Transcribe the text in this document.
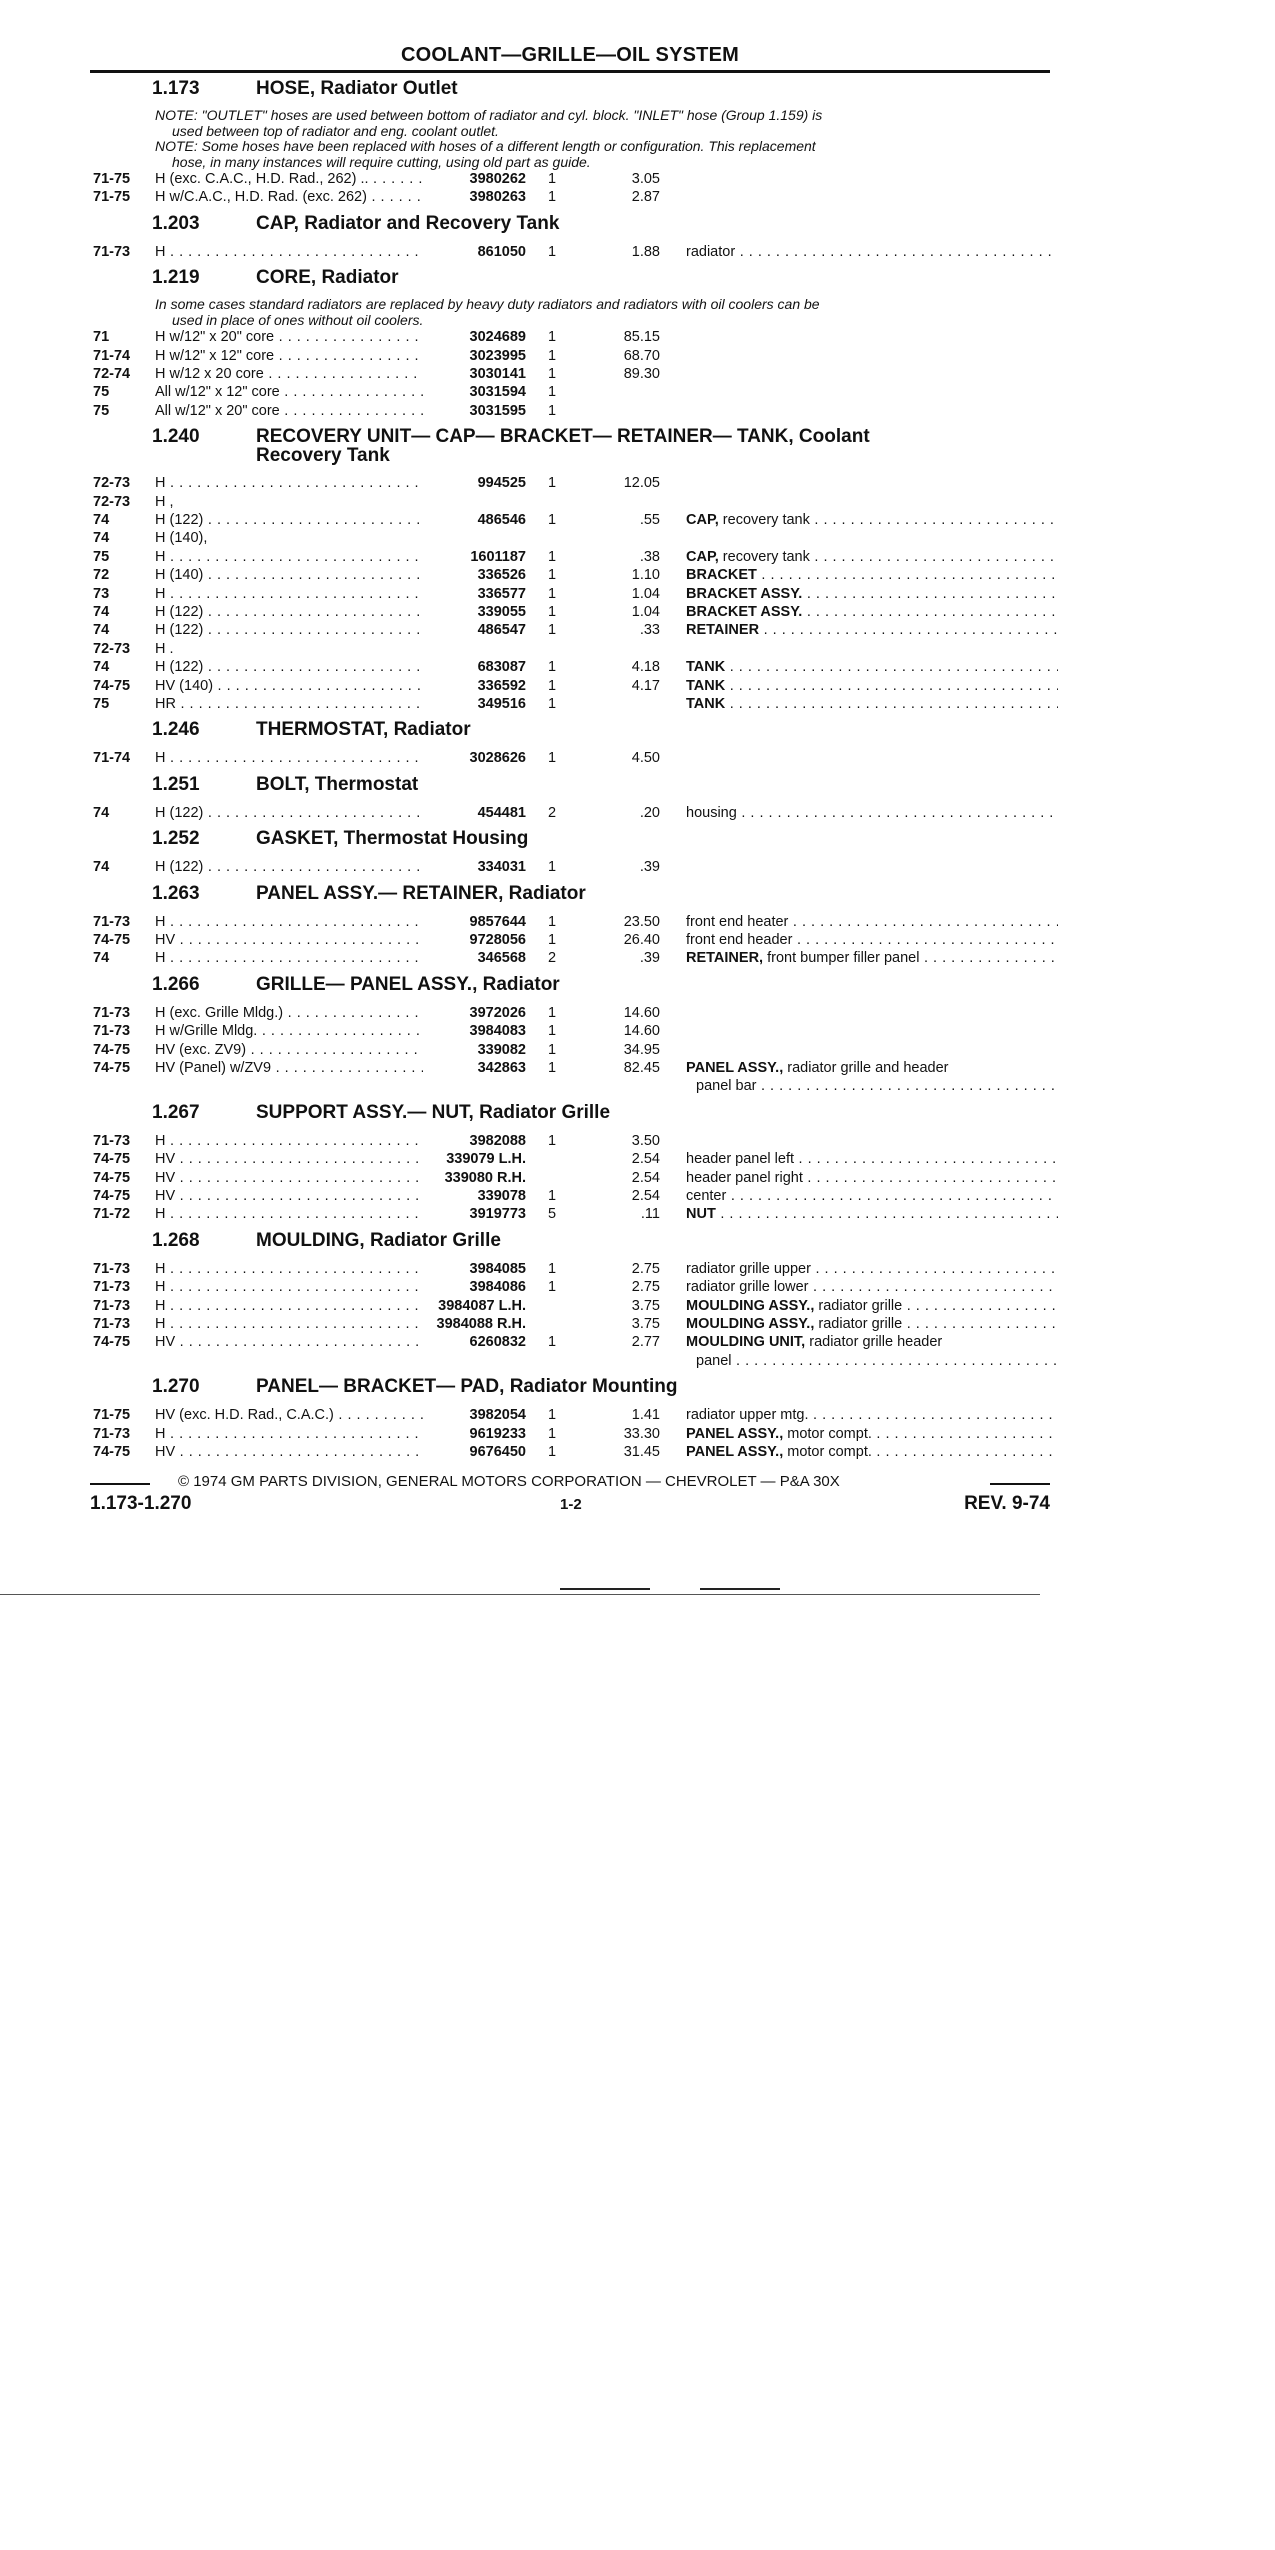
COOLANT—GRILLE—OIL SYSTEM
1.173	HOSE, Radiator Outlet
NOTE: "OUTLET" hoses are used between bottom of radiator and cyl. block. "INLET" hose (Group 1.159) is
used between top of radiator and eng. coolant outlet.
NOTE: Some hoses have been replaced with hoses of a different length or configuration. This replacement
hose, in many instances will require cutting, using old part as guide.
71-75 H (exc. C.A.C., H.D. Rad., 262) .. . . .	3980262 1	3.05
71-75 H w/C.A.C., H.D. Rad. (exc. 262) . . .	3980263 1	2.87
1.203	CAP, Radiator and Recovery Tank
71-73 H . . .	861050 1	1.88 radiator . . .
1.219	CORE, Radiator
In some cases standard radiators are replaced by heavy duty radiators and radiators with oil coolers can be
used in place of ones without oil coolers.
71	H w/12" x 20" core . . .	3024689 1	85.15
71-74 H w/12" x 12" core . . .	3023995 1	68.70
72-74 H w/12 x 20 core . . .	3030141 1	89.30
75	All w/12" x 12" core . . .	3031594 1
75	All w/12" x 20" core . . .	3031595 1
1.240	RECOVERY UNIT— CAP— BRACKET— RETAINER— TANK, Coolant
Recovery Tank
72-73 H . . .	994525 1	12.05
72-73 H ,
74	H (122) . . .	486546 1	.55 CAP, recovery tank . . .
74	H (140),
75	H . . .	1601187 1	.38 CAP, recovery tank . . .
72	H (140) . . .	336526 1	1.10 BRACKET . . .
73	H . . .	336577 1	1.04 BRACKET ASSY. . . .
74	H (122) . . .	339055 1	1.04 BRACKET ASSY. . . .
74	H (122) . . .	486547 1	.33 RETAINER . . .
72-73 H .
74	H (122) . . .	683087 1	4.18 TANK . . .
74-75 HV (140) . . .	336592 1	4.17 TANK . . .
75	HR . . .	349516 1	TANK . . .
1.246	THERMOSTAT, Radiator
71-74 H . . .	3028626 1	4.50
1.251	BOLT, Thermostat
74	H (122) . . .	454481 2	.20 housing . . .
1.252	GASKET, Thermostat Housing
74	H (122) . . .	334031 1	.39
1.263	PANEL ASSY.— RETAINER, Radiator
71-73 H . . .	9857644 1	23.50 front end heater . . .
74-75 HV . . .	9728056 1	26.40 front end header . . .
74	H . . .	346568 2	.39 RETAINER, front bumper filler panel . . .
1.266	GRILLE— PANEL ASSY., Radiator
71-73 H (exc. Grille Mldg.) . . .	3972026 1	14.60
71-73 H w/Grille Mldg. . . .	3984083 1	14.60
74-75 HV (exc. ZV9) . . .	339082 1	34.95
74-75 HV (Panel) w/ZV9 . . .	342863 1	82.45 PANEL ASSY., radiator grille and header
panel bar . . .
1.267	SUPPORT ASSY.— NUT, Radiator Grille
71-73 H . . .	3982088 1	3.50
74-75 HV . . .	339079 L.H.	2.54 header panel left . . .
74-75 HV . . .	339080 R.H.	2.54 header panel right . . .
74-75 HV . . .	339078 1	2.54 center . . .
71-72 H . . .	3919773 5	.11 NUT . . .
1.268	MOULDING, Radiator Grille
71-73 H . . .	3984085 1	2.75 radiator grille upper . . .
71-73 H . . .	3984086 1	2.75 radiator grille lower . . .
71-73 H . . .	3984087 L.H.	3.75 MOULDING ASSY., radiator grille . . .
71-73 H . . .	3984088 R.H.	3.75 MOULDING ASSY., radiator grille . . .
74-75 HV . . .	6260832 1	2.77 MOULDING UNIT, radiator grille header
panel . . .
1.270	PANEL— BRACKET— PAD, Radiator Mounting
71-75 HV (exc. H.D. Rad., C.A.C.) . . .	3982054 1	1.41 radiator upper mtg. . . .
71-73 H . . .	9619233 1	33.30 PANEL ASSY., motor compt. . . .
74-75 HV . . .	9676450 1	31.45 PANEL ASSY., motor compt. . . .
© 1974 GM PARTS DIVISION, GENERAL MOTORS CORPORATION — CHEVROLET — P&A 30X
1.173-1.270	1-2	REV. 9-74
